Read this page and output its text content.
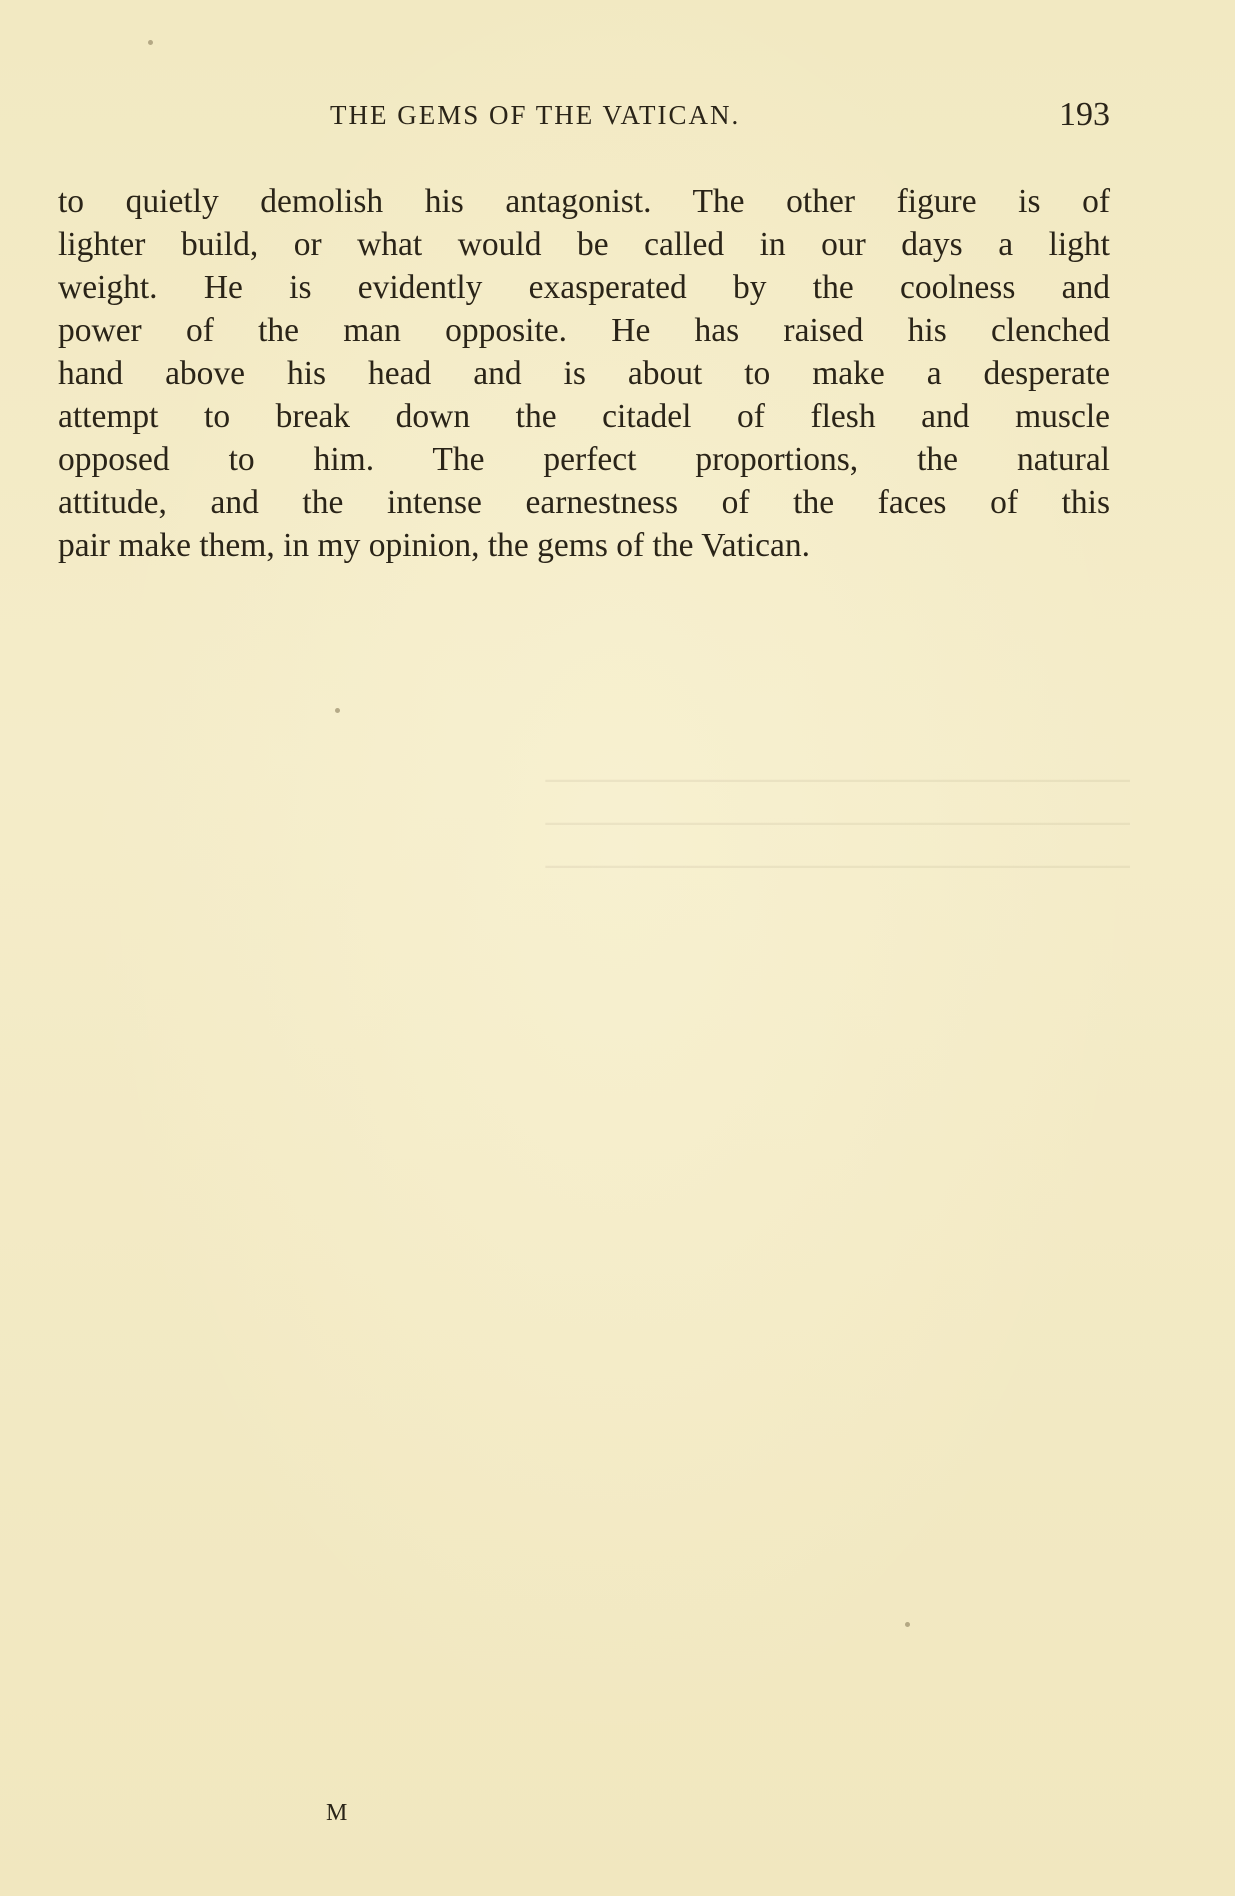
─────────────────────────
─────────────────────────
─────────────────────────
THE GEMS OF THE VATICAN.	193
to quietly demolish his antagonist. The other figure is of
lighter build, or what would be called in our days a light
weight. He is evidently exasperated by the coolness and
power of the man opposite. He has raised his clenched
hand above his head and is about to make a desperate
attempt to break down the citadel of flesh and muscle
opposed to him. The perfect proportions, the natural
attitude, and the intense earnestness of the faces of this
pair make them, in my opinion, the gems of the Vatican.
M
